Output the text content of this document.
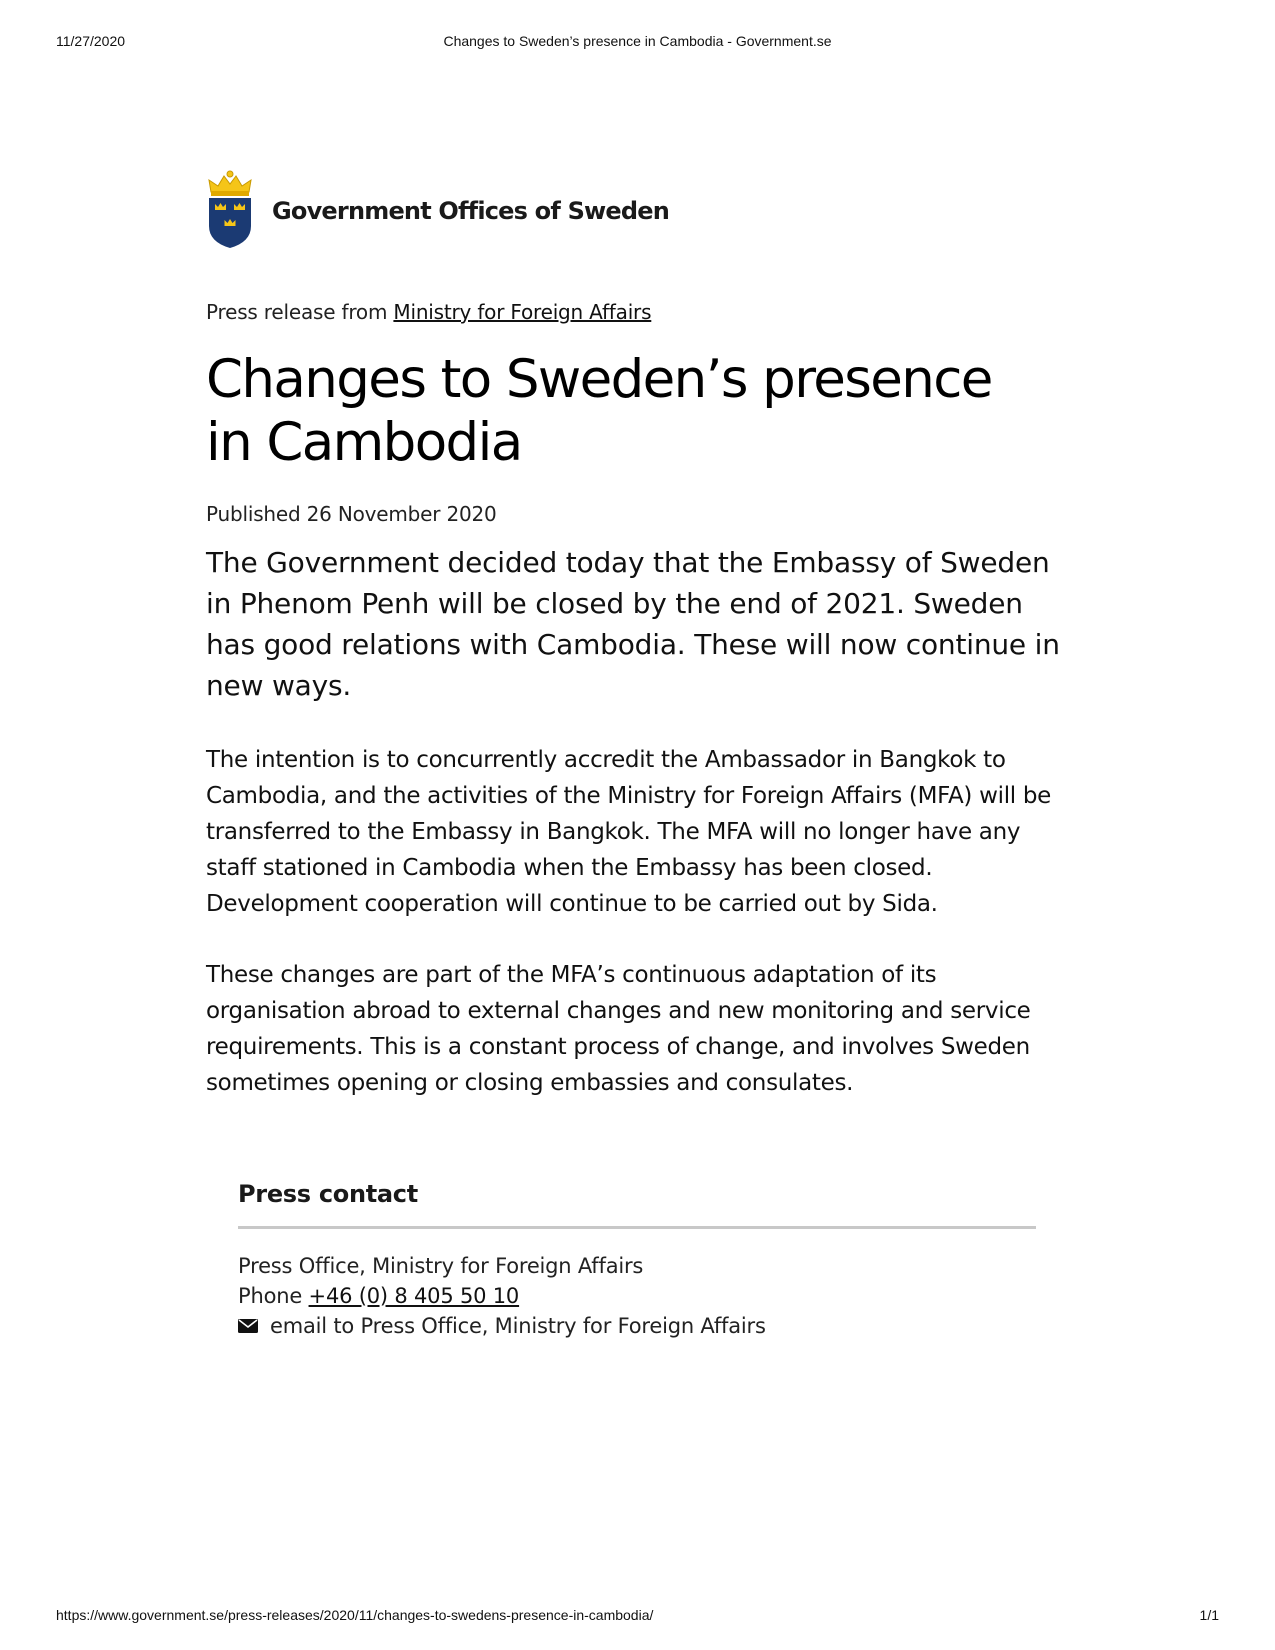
11/27/2020	Changes to Sweden’s presence in Cambodia - Government.se
Government Offices of Sweden
Press release from Ministry for Foreign Affairs
Changes to Sweden’s presence in Cambodia
Published 26 November 2020
The Government decided today that the Embassy of Sweden in Phenom Penh will be closed by the end of 2021. Sweden has good relations with Cambodia. These will now continue in new ways.

The intention is to concurrently accredit the Ambassador in Bangkok to Cambodia, and the activities of the Ministry for Foreign Affairs (MFA) will be transferred to the Embassy in Bangkok. The MFA will no longer have any staff stationed in Cambodia when the Embassy has been closed. Development cooperation will continue to be carried out by Sida.

These changes are part of the MFA’s continuous adaptation of its organisation abroad to external changes and new monitoring and service requirements. This is a constant process of change, and involves Sweden sometimes opening or closing embassies and consulates.

Press contact
Press Office, Ministry for Foreign Affairs
Phone +46 (0) 8 405 50 10
email to Press Office, Ministry for Foreign Affairs
https://www.government.se/press-releases/2020/11/changes-to-swedens-presence-in-cambodia/	1/1
